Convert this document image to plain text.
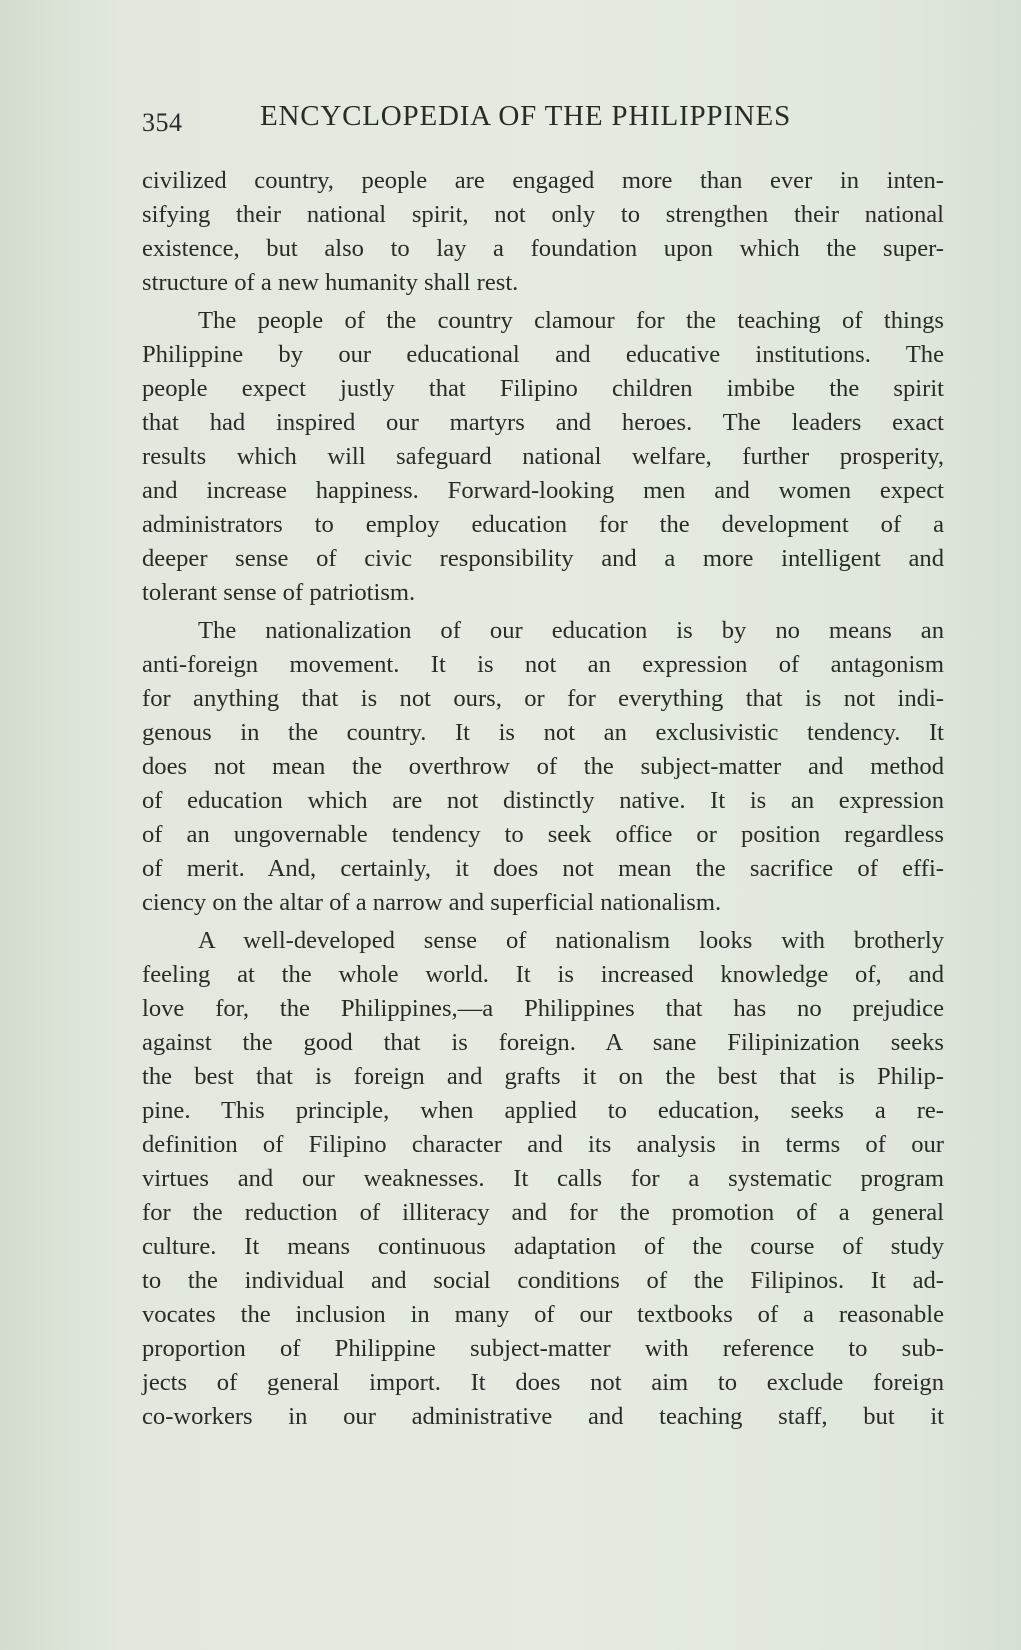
354	ENCYCLOPEDIA OF THE PHILIPPINES
civilized country, people are engaged more than ever in inten-
sifying their national spirit, not only to strengthen their national
existence, but also to lay a foundation upon which the super-
structure of a new humanity shall rest.
The people of the country clamour for the teaching of things
Philippine by our educational and educative institutions. The
people expect justly that Filipino children imbibe the spirit
that had inspired our martyrs and heroes. The leaders exact
results which will safeguard national welfare, further prosperity,
and increase happiness. Forward-looking men and women expect
administrators to employ education for the development of a
deeper sense of civic responsibility and a more intelligent and
tolerant sense of patriotism.
The nationalization of our education is by no means an
anti-foreign movement. It is not an expression of antagonism
for anything that is not ours, or for everything that is not indi-
genous in the country. It is not an exclusivistic tendency. It
does not mean the overthrow of the subject-matter and method
of education which are not distinctly native. It is an expression
of an ungovernable tendency to seek office or position regardless
of merit. And, certainly, it does not mean the sacrifice of effi-
ciency on the altar of a narrow and superficial nationalism.
A well-developed sense of nationalism looks with brotherly
feeling at the whole world. It is increased knowledge of, and
love for, the Philippines,—a Philippines that has no prejudice
against the good that is foreign. A sane Filipinization seeks
the best that is foreign and grafts it on the best that is Philip-
pine. This principle, when applied to education, seeks a re-
definition of Filipino character and its analysis in terms of our
virtues and our weaknesses. It calls for a systematic program
for the reduction of illiteracy and for the promotion of a general
culture. It means continuous adaptation of the course of study
to the individual and social conditions of the Filipinos. It ad-
vocates the inclusion in many of our textbooks of a reasonable
proportion of Philippine subject-matter with reference to sub-
jects of general import. It does not aim to exclude foreign
co-workers in our administrative and teaching staff, but it
